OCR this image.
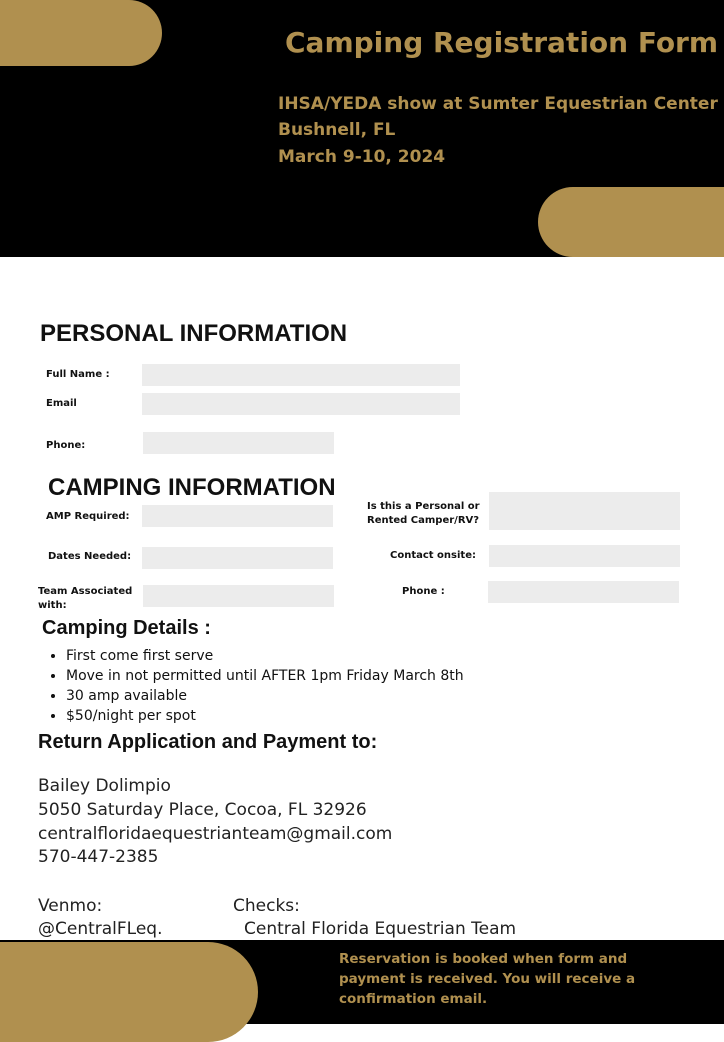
Camping Registration Form
IHSA/YEDA show at Sumter Equestrian Center
Bushnell, FL
March 9-10, 2024
PERSONAL INFORMATION
Full Name :
Email
Phone:
CAMPING INFORMATION
AMP Required:
Is this a Personal or
Rented Camper/RV?
Dates Needed:	Contact onsite:
Team Associated
with:
Phone :
Camping Details :
• First come first serve
• Move in not permitted until AFTER 1pm Friday March 8th
• 30 amp available
• $50/night per spot
Return Application and Payment to:
Bailey Dolimpio
5050 Saturday Place, Cocoa, FL 32926
centralfloridaequestrianteam@gmail.com
570-447-2385
Venmo:
@CentralFLeq.
Checks:
Central Florida Equestrian Team
Reservation is booked when form and payment is received. You will receive a confirmation email.
